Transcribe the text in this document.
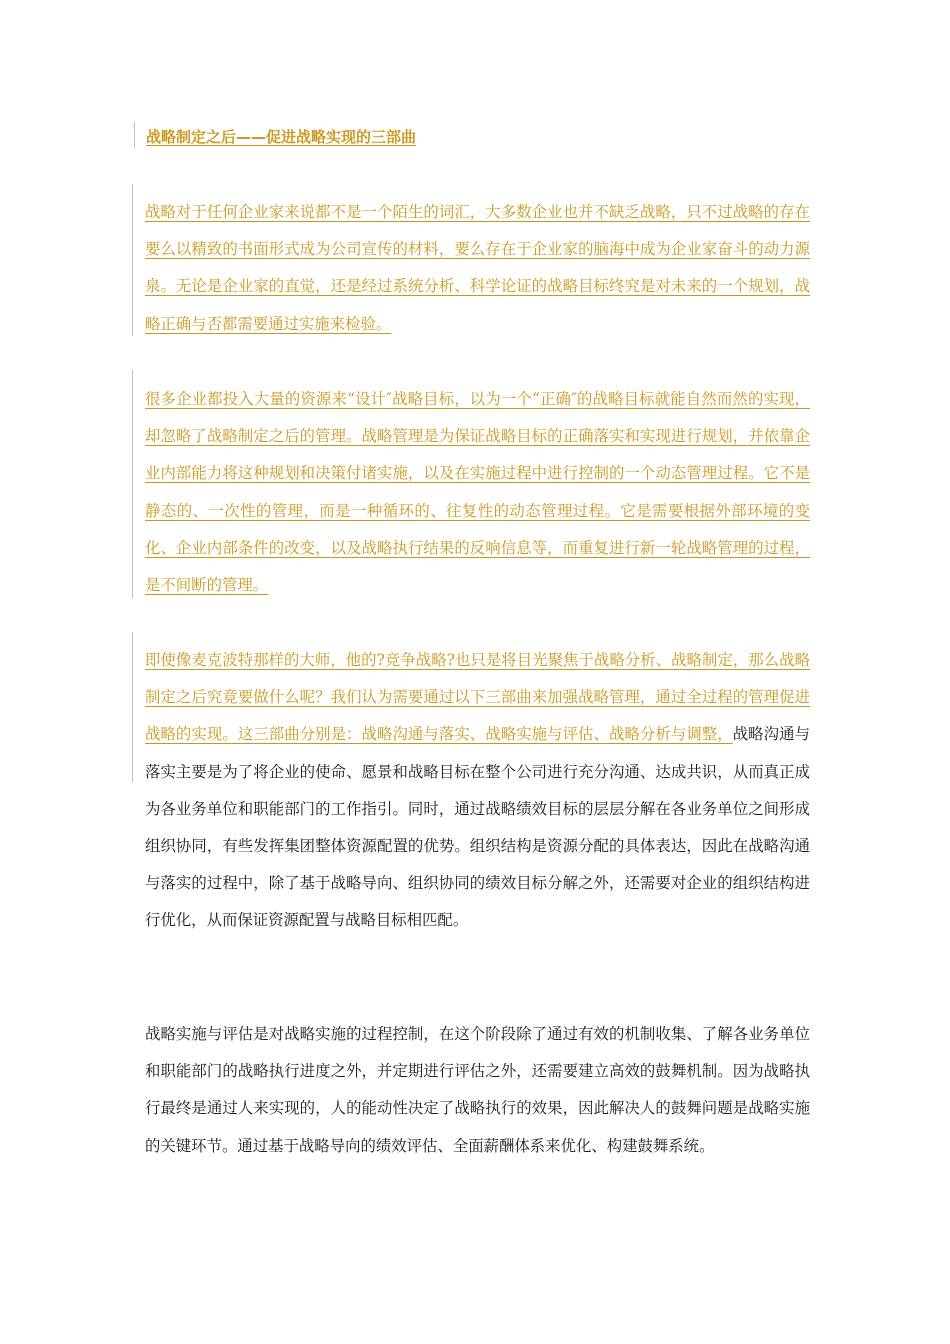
战略制定之后——促进战略实现的三部曲

战略对于任何企业家来说都不是一个陌生的词汇，大多数企业也并不缺乏战略，只不过战略的存在要么以精致的书面形式成为公司宣传的材料，要么存在于企业家的脑海中成为企业家奋斗的动力源泉。无论是企业家的直觉，还是经过系统分析、科学论证的战略目标终究是对未来的一个规划，战略正确与否都需要通过实施来检验。

很多企业都投入大量的资源来“设计″战略目标，以为一个“正确″的战略目标就能自然而然的实现，却忽略了战略制定之后的管理。战略管理是为保证战略目标的正确落实和实现进行规划，并依靠企业内部能力将这种规划和决策付诸实施，以及在实施过程中进行控制的一个动态管理过程。它不是静态的、一次性的管理，而是一种循环的、往复性的动态管理过程。它是需要根据外部环境的变化、企业内部条件的改变，以及战略执行结果的反响信息等，而重复进行新一轮战略管理的过程，是不间断的管理。

即使像麦克波特那样的大师，他的?竞争战略?也只是将目光聚焦于战略分析、战略制定，那么战略制定之后究竟要做什么呢？我们认为需要通过以下三部曲来加强战略管理，通过全过程的管理促进战略的实现。这三部曲分别是：战略沟通与落实、战略实施与评估、战略分析与调整，战略沟通与落实主要是为了将企业的使命、愿景和战略目标在整个公司进行充分沟通、达成共识，从而真正成为各业务单位和职能部门的工作指引。同时，通过战略绩效目标的层层分解在各业务单位之间形成组织协同，有些发挥集团整体资源配置的优势。组织结构是资源分配的具体表达，因此在战略沟通与落实的过程中，除了基于战略导向、组织协同的绩效目标分解之外，还需要对企业的组织结构进行优化，从而保证资源配置与战略目标相匹配。

战略实施与评估是对战略实施的过程控制，在这个阶段除了通过有效的机制收集、了解各业务单位和职能部门的战略执行进度之外，并定期进行评估之外，还需要建立高效的鼓舞机制。因为战略执行最终是通过人来实现的，人的能动性决定了战略执行的效果，因此解决人的鼓舞问题是战略实施的关键环节。通过基于战略导向的绩效评估、全面薪酬体系来优化、构建鼓舞系统。
